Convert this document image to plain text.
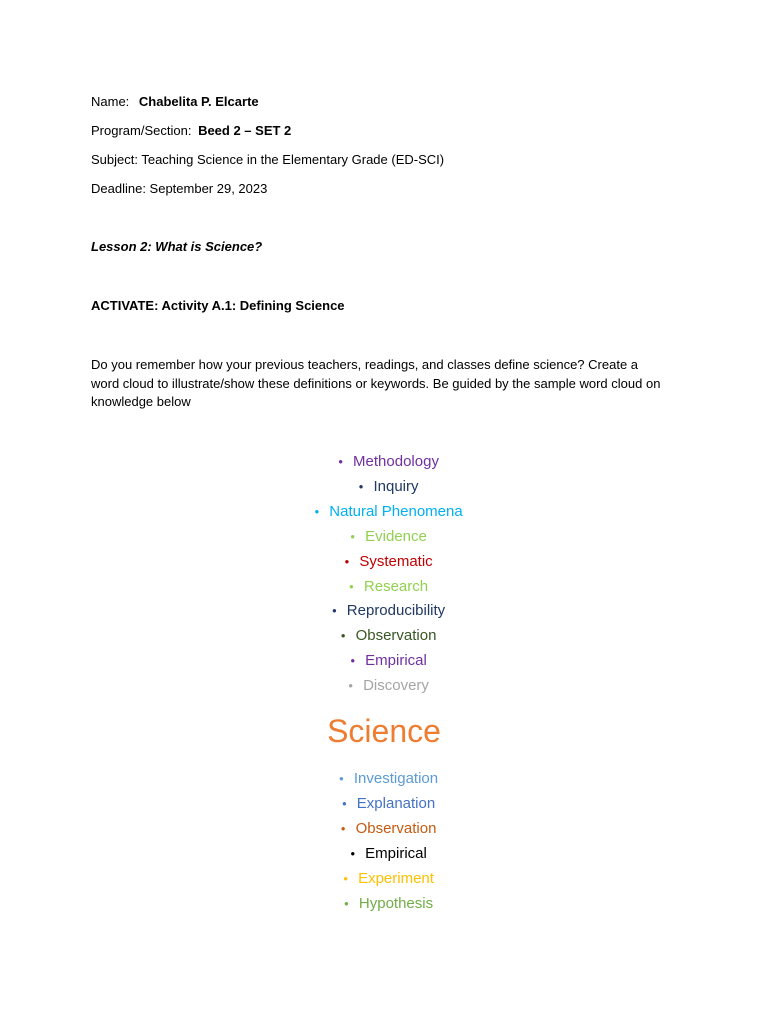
Name: Chabelita P. Elcarte
Program/Section: Beed 2 – SET 2
Subject: Teaching Science in the Elementary Grade (ED-SCI)
Deadline: September 29, 2023
Lesson 2: What is Science?
ACTIVATE: Activity A.1: Defining Science
Do you remember how your previous teachers, readings, and classes define science? Create a word cloud to illustrate/show these definitions or keywords. Be guided by the sample word cloud on knowledge below
● Methodology
● Inquiry
● Natural Phenomena
● Evidence
● Systematic
● Research
● Reproducibility
● Observation
● Empirical
● Discovery
Science
● Investigation
● Explanation
● Observation
● Empirical
● Experiment
● Hypothesis
